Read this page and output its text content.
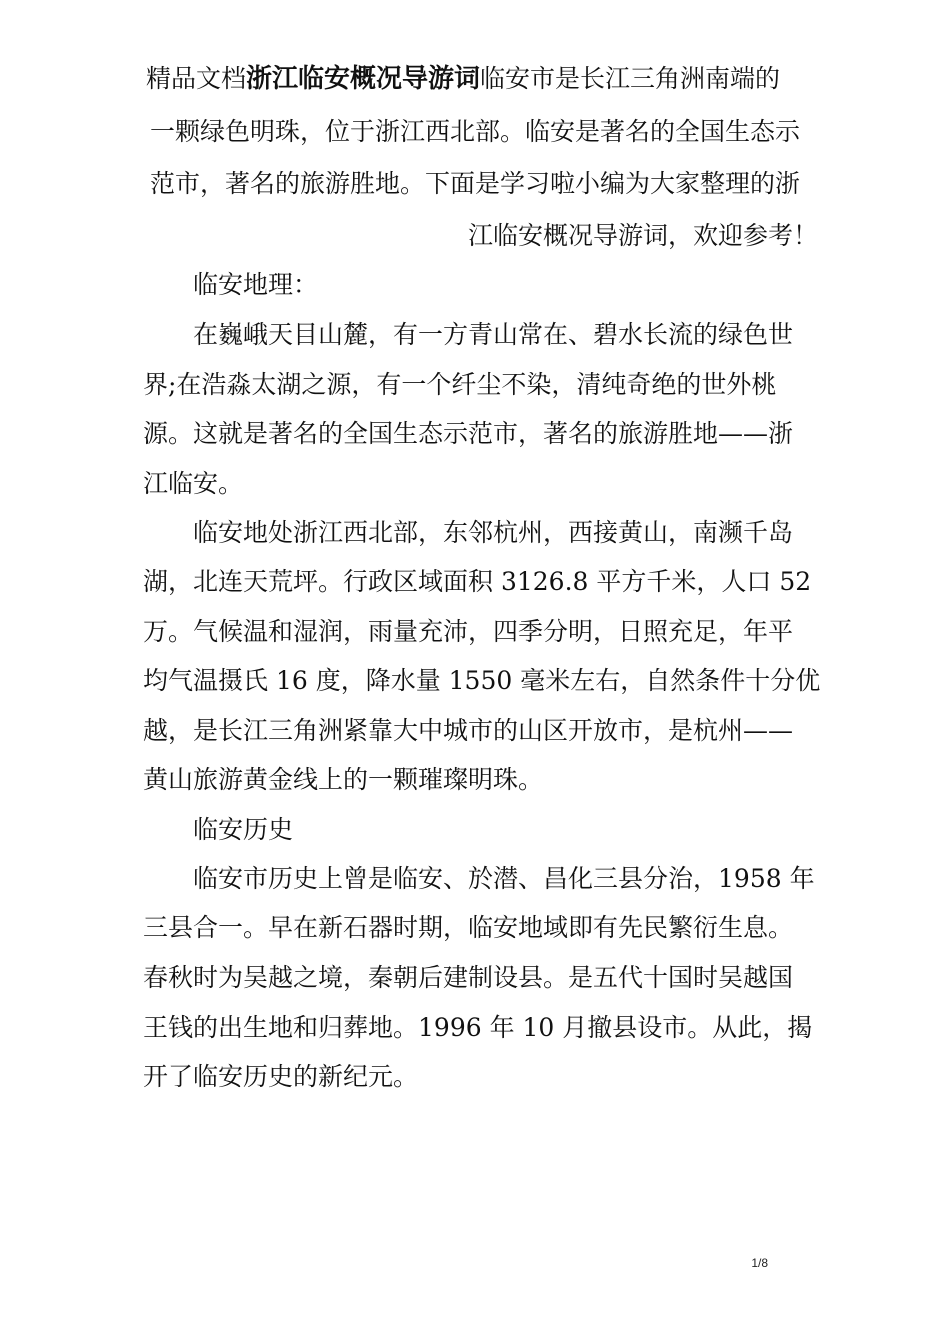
精品文档浙江临安概况导游词临安市是长江三角洲南端的
一颗绿色明珠，位于浙江西北部。临安是著名的全国生态示
范市，著名的旅游胜地。下面是学习啦小编为大家整理的浙
江临安概况导游词，欢迎参考！
临安地理：
在巍峨天目山麓，有一方青山常在、碧水长流的绿色世
界;在浩淼太湖之源，有一个纤尘不染，清纯奇绝的世外桃
源。这就是著名的全国生态示范市，著名的旅游胜地——浙
江临安。
临安地处浙江西北部，东邻杭州，西接黄山，南濒千岛
湖，北连天荒坪。行政区域面积 3126.8 平方千米，人口 52
万。气候温和湿润，雨量充沛，四季分明，日照充足，年平
均气温摄氏 16 度，降水量 1550 毫米左右，自然条件十分优
越，是长江三角洲紧靠大中城市的山区开放市，是杭州——
黄山旅游黄金线上的一颗璀璨明珠。
临安历史
临安市历史上曾是临安、於潜、昌化三县分治，1958 年
三县合一。早在新石器时期，临安地域即有先民繁衍生息。
春秋时为吴越之境，秦朝后建制设县。是五代十国时吴越国
王钱的出生地和归葬地。1996 年 10 月撤县设市。从此，揭
开了临安历史的新纪元。
1/8
